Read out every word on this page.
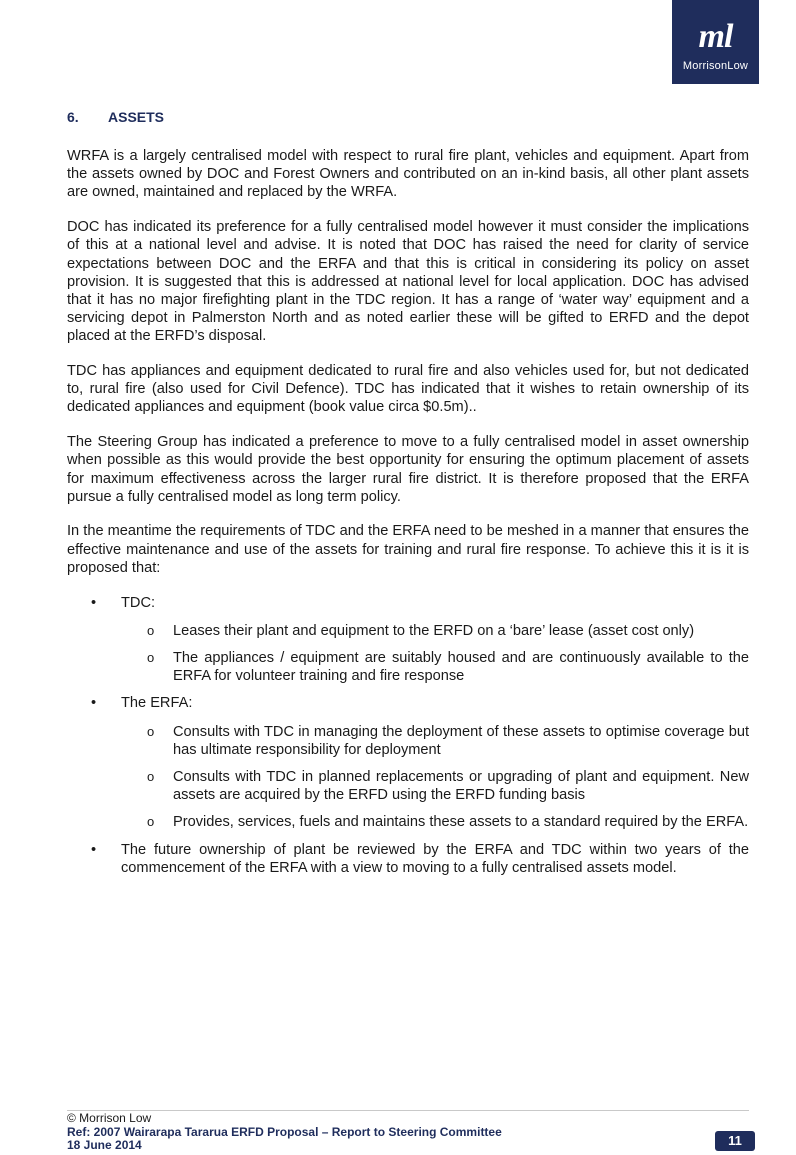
ml
MorrisonLow
6. ASSETS

WRFA is a largely centralised model with respect to rural fire plant, vehicles and equipment. Apart from the assets owned by DOC and Forest Owners and contributed on an in-kind basis, all other plant assets are owned, maintained and replaced by the WRFA.

DOC has indicated its preference for a fully centralised model however it must consider the implications of this at a national level and advise. It is noted that DOC has raised the need for clarity of service expectations between DOC and the ERFA and that this is critical in considering its policy on asset provision. It is suggested that this is addressed at national level for local application. DOC has advised that it has no major firefighting plant in the TDC region. It has a range of ‘water way’ equipment and a servicing depot in Palmerston North and as noted earlier these will be gifted to ERFD and the depot placed at the ERFD’s disposal.

TDC has appliances and equipment dedicated to rural fire and also vehicles used for, but not dedicated to, rural fire (also used for Civil Defence). TDC has indicated that it wishes to retain ownership of its dedicated appliances and equipment (book value circa $0.5m)..

The Steering Group has indicated a preference to move to a fully centralised model in asset ownership when possible as this would provide the best opportunity for ensuring the optimum placement of assets for maximum effectiveness across the larger rural fire district. It is therefore proposed that the ERFA pursue a fully centralised model as long term policy.

In the meantime the requirements of TDC and the ERFA need to be meshed in a manner that ensures the effective maintenance and use of the assets for training and rural fire response. To achieve this it is it is proposed that:

• TDC:
o Leases their plant and equipment to the ERFD on a ‘bare’ lease (asset cost only)
o The appliances / equipment are suitably housed and are continuously available to the ERFA for volunteer training and fire response
• The ERFA:
o Consults with TDC in managing the deployment of these assets to optimise coverage but has ultimate responsibility for deployment
o Consults with TDC in planned replacements or upgrading of plant and equipment. New assets are acquired by the ERFD using the ERFD funding basis
o Provides, services, fuels and maintains these assets to a standard required by the ERFA.
• The future ownership of plant be reviewed by the ERFA and TDC within two years of the commencement of the ERFA with a view to moving to a fully centralised assets model.
© Morrison Low
Ref: 2007 Wairarapa Tararua ERFD Proposal – Report to Steering Committee
18 June 2014	11
